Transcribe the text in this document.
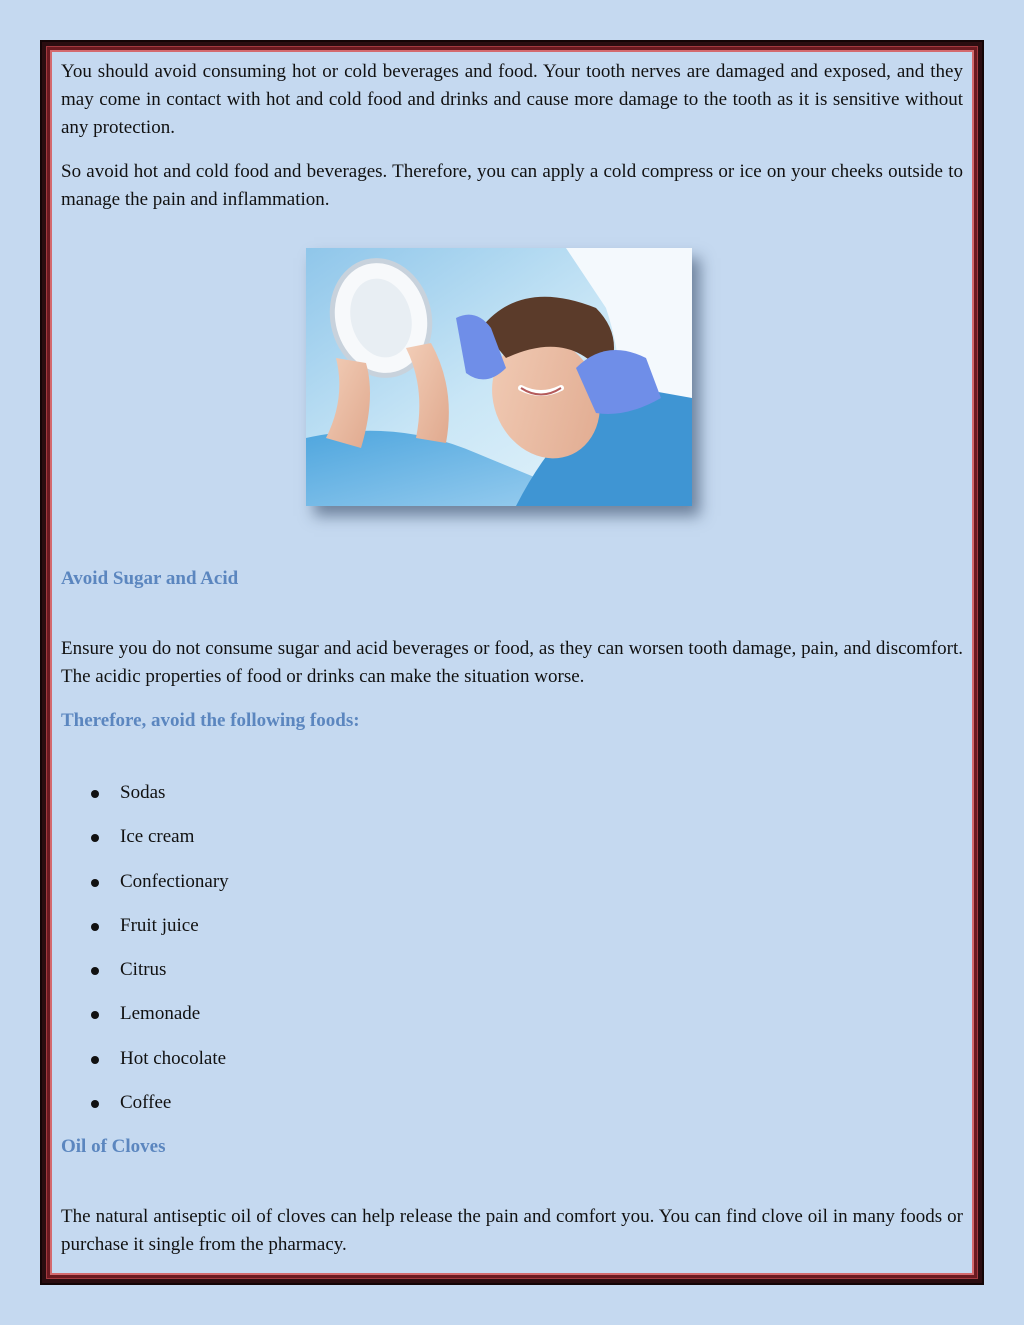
You should avoid consuming hot or cold beverages and food. Your tooth nerves are damaged and exposed, and they may come in contact with hot and cold food and drinks and cause more damage to the tooth as it is sensitive without any protection.

So avoid hot and cold food and beverages. Therefore, you can apply a cold compress or ice on your cheeks outside to manage the pain and inflammation.

Avoid Sugar and Acid

Ensure you do not consume sugar and acid beverages or food, as they can worsen tooth damage, pain, and discomfort. The acidic properties of food or drinks can make the situation worse.

Therefore, avoid the following foods:
Sodas
Ice cream
Confectionary
Fruit juice
Citrus
Lemonade
Hot chocolate
Coffee
Oil of Cloves

The natural antiseptic oil of cloves can help release the pain and comfort you. You can find clove oil in many foods or purchase it single from the pharmacy.
